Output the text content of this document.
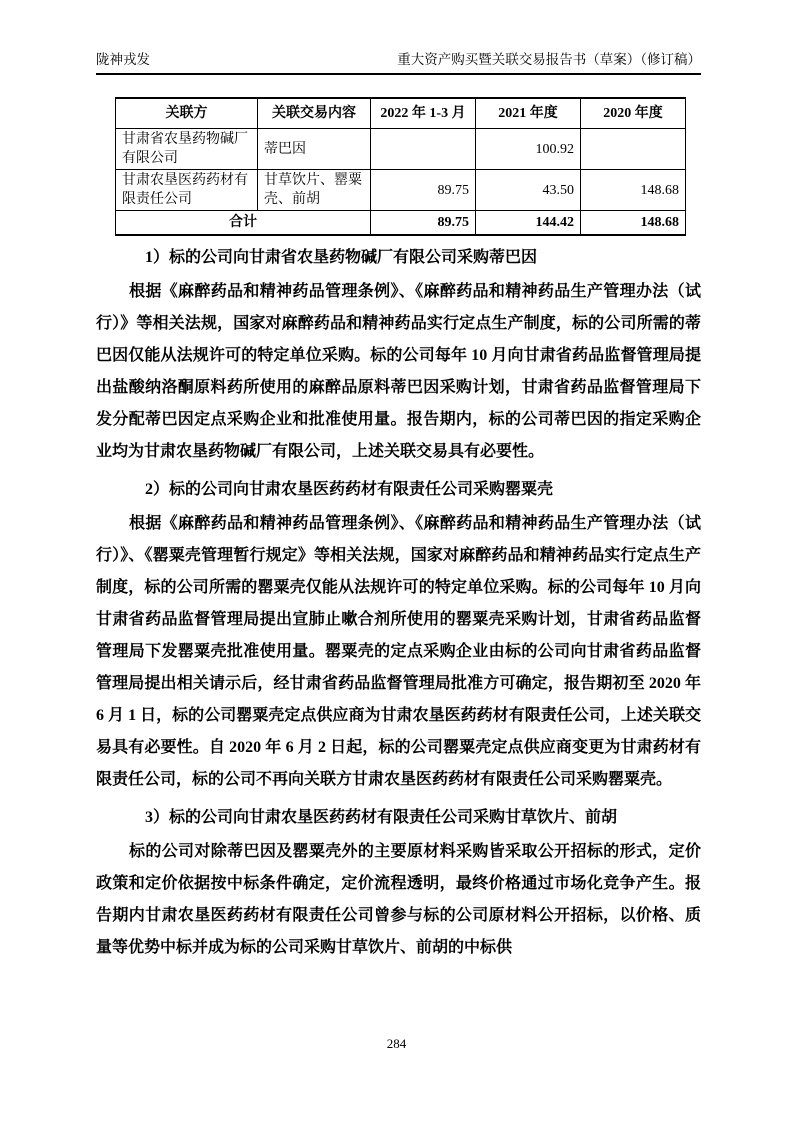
陇神戎发	重大资产购买暨关联交易报告书（草案）（修订稿）
关联方	关联交易内容	2022 年 1-3 月	2021 年度	2020 年度
甘肃省农垦药物碱厂有限公司	蒂巴因		100.92	
甘肃农垦医药药材有限责任公司	甘草饮片、罂粟壳、前胡	89.75	43.50	148.68
合计		89.75	144.42	148.68
1）标的公司向甘肃省农垦药物碱厂有限公司采购蒂巴因

根据《麻醉药品和精神药品管理条例》、《麻醉药品和精神药品生产管理办法（试行）》等相关法规，国家对麻醉药品和精神药品实行定点生产制度，标的公司所需的蒂巴因仅能从法规许可的特定单位采购。标的公司每年 10 月向甘肃省药品监督管理局提出盐酸纳洛酮原料药所使用的麻醉品原料蒂巴因采购计划，甘肃省药品监督管理局下发分配蒂巴因定点采购企业和批准使用量。报告期内，标的公司蒂巴因的指定采购企业均为甘肃农垦药物碱厂有限公司，上述关联交易具有必要性。

2）标的公司向甘肃农垦医药药材有限责任公司采购罂粟壳

根据《麻醉药品和精神药品管理条例》、《麻醉药品和精神药品生产管理办法（试行）》、《罂粟壳管理暂行规定》等相关法规，国家对麻醉药品和精神药品实行定点生产制度，标的公司所需的罂粟壳仅能从法规许可的特定单位采购。标的公司每年 10 月向甘肃省药品监督管理局提出宣肺止嗽合剂所使用的罂粟壳采购计划，甘肃省药品监督管理局下发罂粟壳批准使用量。罂粟壳的定点采购企业由标的公司向甘肃省药品监督管理局提出相关请示后，经甘肃省药品监督管理局批准方可确定，报告期初至 2020 年 6 月 1 日，标的公司罂粟壳定点供应商为甘肃农垦医药药材有限责任公司，上述关联交易具有必要性。自 2020 年 6 月 2 日起，标的公司罂粟壳定点供应商变更为甘肃药材有限责任公司，标的公司不再向关联方甘肃农垦医药药材有限责任公司采购罂粟壳。

3）标的公司向甘肃农垦医药药材有限责任公司采购甘草饮片、前胡

标的公司对除蒂巴因及罂粟壳外的主要原材料采购皆采取公开招标的形式，定价政策和定价依据按中标条件确定，定价流程透明，最终价格通过市场化竞争产生。报告期内甘肃农垦医药药材有限责任公司曾参与标的公司原材料公开招标，以价格、质量等优势中标并成为标的公司采购甘草饮片、前胡的中标供

284
